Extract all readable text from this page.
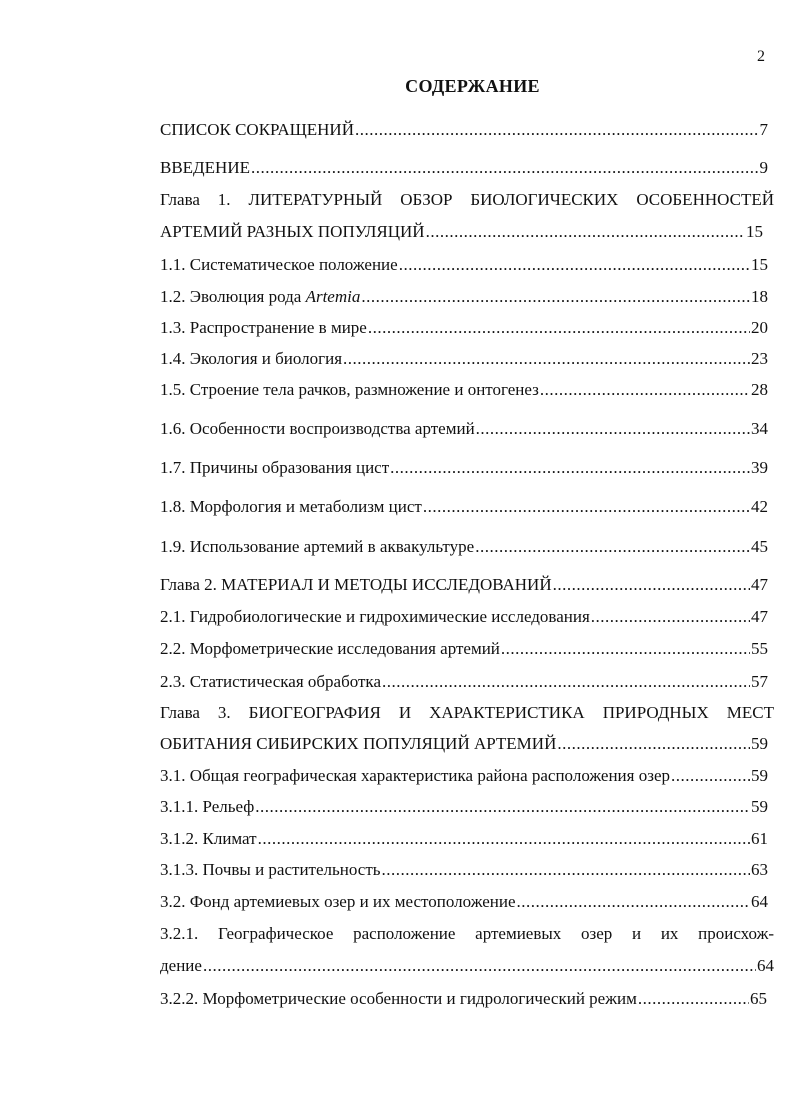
2
СОДЕРЖАНИЕ
СПИСОК СОКРАЩЕНИЙ .....	7
ВВЕДЕНИЕ .....	9
Глава 1. ЛИТЕРАТУРНЫЙ ОБЗОР БИОЛОГИЧЕСКИХ ОСОБЕННОСТЕЙ
АРТЕМИЙ РАЗНЫХ ПОПУЛЯЦИЙ .....	15
1.1. Систематическое положение .....	15
1.2. Эволюция рода Artemia .....	18
1.3. Распространение в мире .....	20
1.4. Экология и биология .....	23
1.5. Строение тела рачков, размножение и онтогенез .....	28
1.6. Особенности воспроизводства артемий .....	34
1.7. Причины образования цист .....	39
1.8. Морфология и метаболизм цист .....	42
1.9. Использование артемий в аквакультуре .....	45
Глава 2. МАТЕРИАЛ И МЕТОДЫ ИССЛЕДОВАНИЙ .....	47
2.1. Гидробиологические и гидрохимические исследования .....	47
2.2. Морфометрические исследования артемий .....	55
2.3. Статистическая обработка .....	57
Глава 3. БИОГЕОГРАФИЯ И ХАРАКТЕРИСТИКА ПРИРОДНЫХ МЕСТ
ОБИТАНИЯ СИБИРСКИХ ПОПУЛЯЦИЙ АРТЕМИЙ .....	59
3.1. Общая географическая характеристика района расположения озер .....	59
3.1.1. Рельеф .....	59
3.1.2. Климат .....	61
3.1.3. Почвы и растительность .....	63
3.2. Фонд артемиевых озер и их местоположение .....	64
3.2.1. Географическое расположение артемиевых озер и их происхож-
дение .....	64
3.2.2. Морфометрические особенности и гидрологический режим .....	65
